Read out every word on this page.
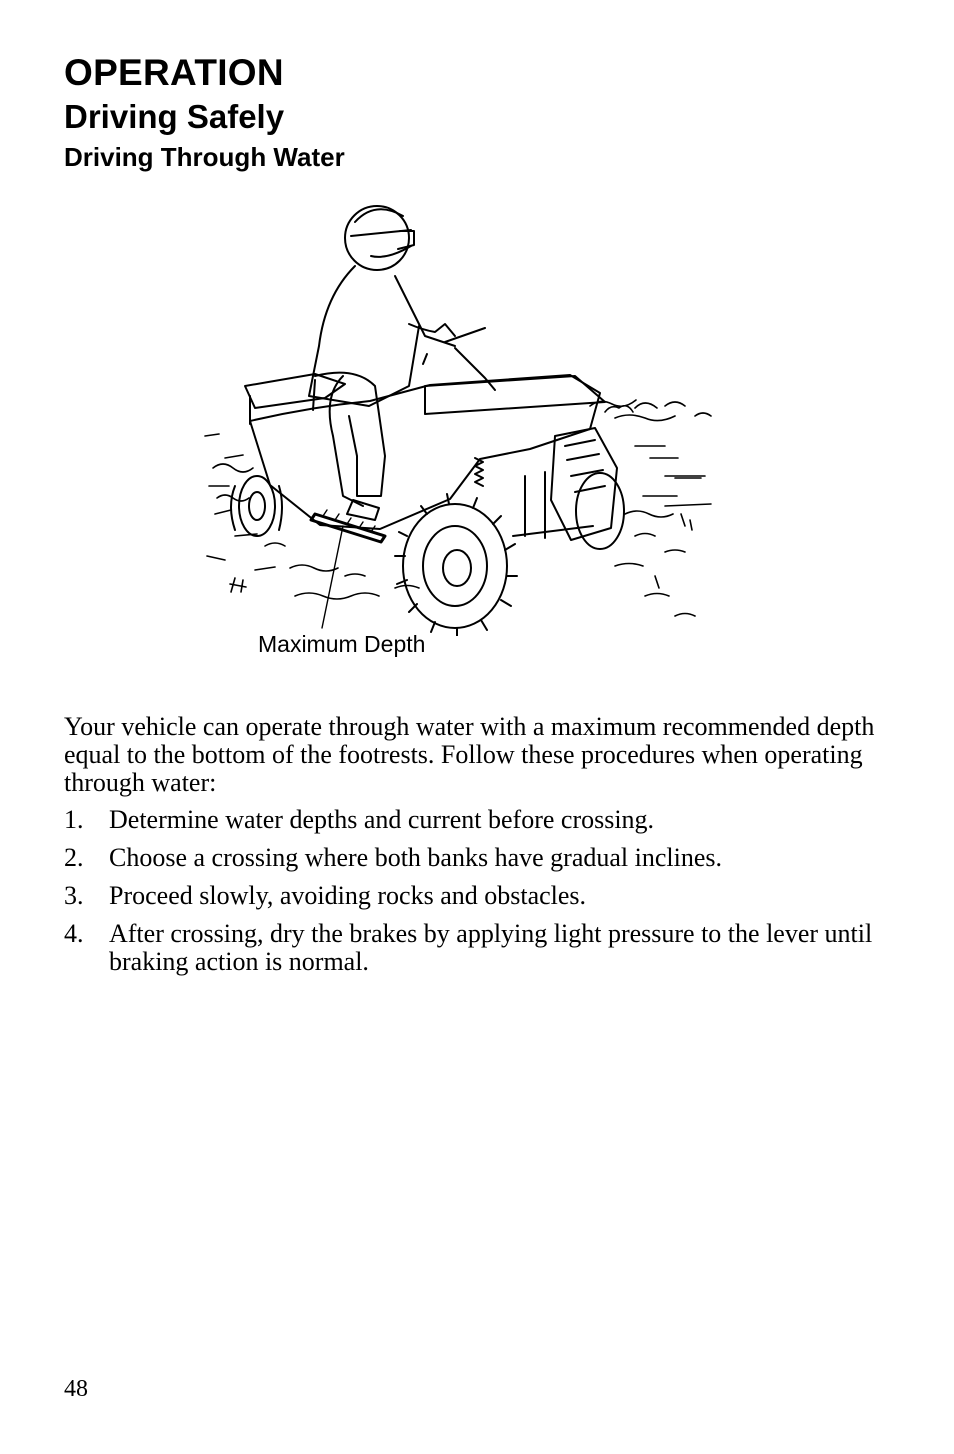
OPERATION
Driving Safely
Driving Through Water
Maximum Depth

Your vehicle can operate through water with a maximum recommended depth equal to the bottom of the footrests. Follow these procedures when operating through water:

1. Determine water depths and current before crossing.
2. Choose a crossing where both banks have gradual inclines.
3. Proceed slowly, avoiding rocks and obstacles.
4. After crossing, dry the brakes by applying light pressure to the lever until braking action is normal.
48
